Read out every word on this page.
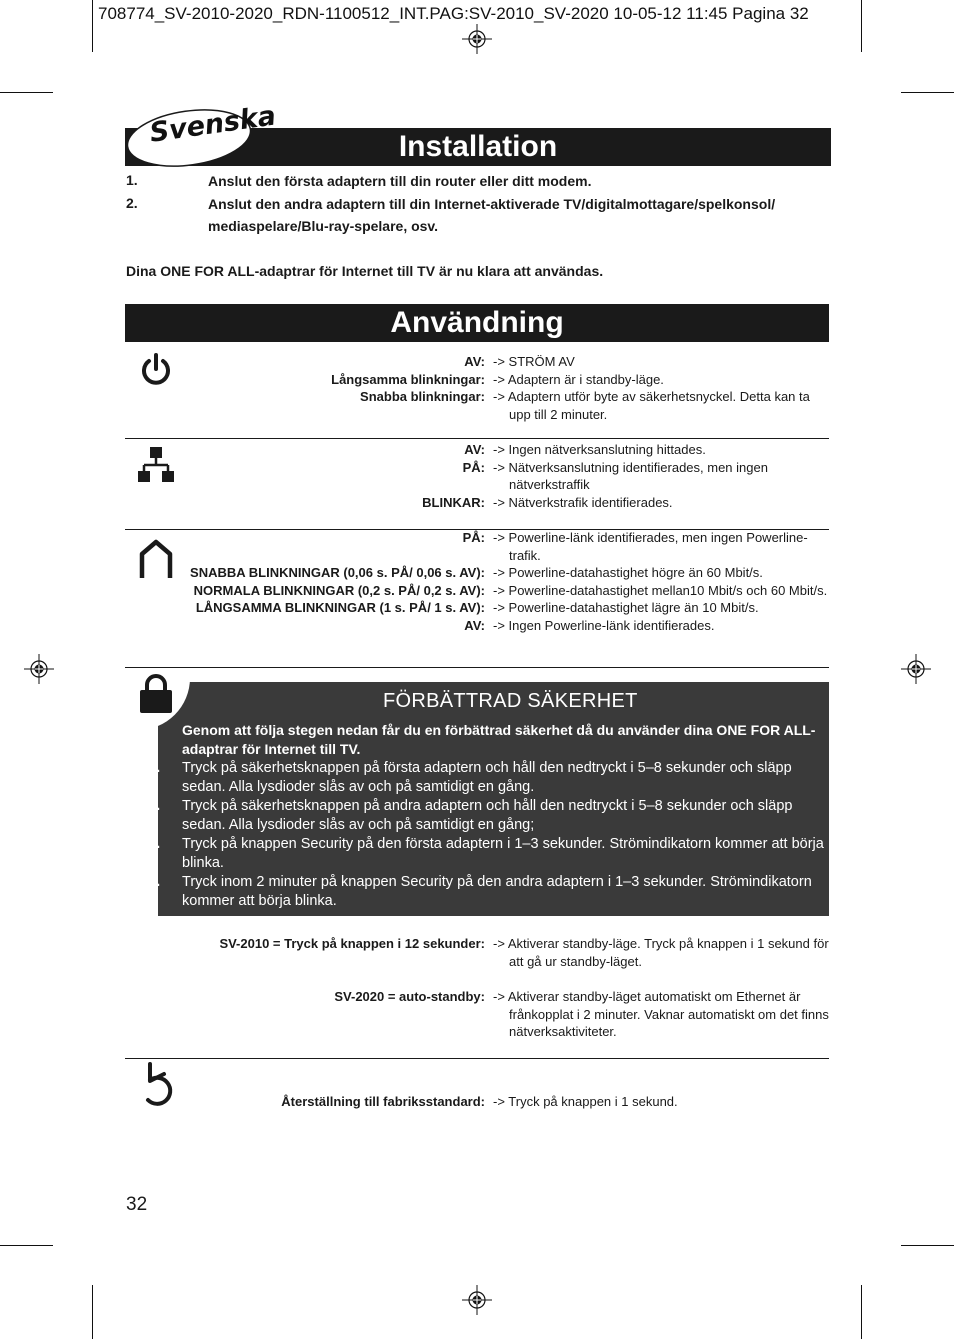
708774_SV-2010-2020_RDN-1100512_INT.PAG:SV-2010_SV-2020 10-05-12 11:45 Pagina 32
Installation
Svenska
1.	Anslut den första adaptern till din router eller ditt modem.
2.	Anslut den andra adaptern till din Internet-aktiverade TV/digitalmottagare/spelkonsol/ mediaspelare/Blu-ray-spelare, osv.
Dina ONE FOR ALL-adaptrar för Internet till TV är nu klara att användas.
Användning
AV: -> STRÖM AV
Långsamma blinkningar: -> Adaptern är i standby-läge.
Snabba blinkningar: -> Adaptern utför byte av säkerhetsnyckel. Detta kan ta upp till 2 minuter.
AV: -> Ingen nätverksanslutning hittades.
PÅ: -> Nätverksanslutning identifierades, men ingen nätverkstraffik
BLINKAR: -> Nätverkstrafik identifierades.
PÅ: -> Powerline-länk identifierades, men ingen Powerline-trafik.
SNABBA BLINKNINGAR (0,06 s. PÅ/ 0,06 s. AV): -> Powerline-datahastighet högre än 60 Mbit/s.
NORMALA BLINKNINGAR (0,2 s. PÅ/ 0,2 s. AV): -> Powerline-datahastighet mellan10 Mbit/s och 60 Mbit/s.
LÅNGSAMMA BLINKNINGAR (1 s. PÅ/ 1 s. AV): -> Powerline-datahastighet lägre än 10 Mbit/s.
AV: -> Ingen Powerline-länk identifierades.
FÖRBÄTTRAD SÄKERHET
Genom att följa stegen nedan får du en förbättrad säkerhet då du använder dina ONE FOR ALL-adaptrar för Internet till TV.
1. Tryck på säkerhetsknappen på första adaptern och håll den nedtryckt i 5–8 sekunder och släpp sedan. Alla lysdioder slås av och på samtidigt en gång.
2. Tryck på säkerhetsknappen på andra adaptern och håll den nedtryckt i 5–8 sekunder och släpp sedan. Alla lysdioder slås av och på samtidigt en gång;
3. Tryck på knappen Security på den första adaptern i 1–3 sekunder. Strömindikatorn kommer att börja blinka.
4. Tryck inom 2 minuter på knappen Security på den andra adaptern i 1–3 sekunder. Strömindikatorn kommer att börja blinka.
SV-2010 = Tryck på knappen i 12 sekunder: -> Aktiverar standby-läge. Tryck på knappen i 1 sekund för att gå ur standby-läget.
SV-2020 = auto-standby: -> Aktiverar standby-läget automatiskt om Ethernet är frånkopplat i 2 minuter. Vaknar automatiskt om det finns nätverksaktiviteter.
Återställning till fabriksstandard: -> Tryck på knappen i 1 sekund.
32
